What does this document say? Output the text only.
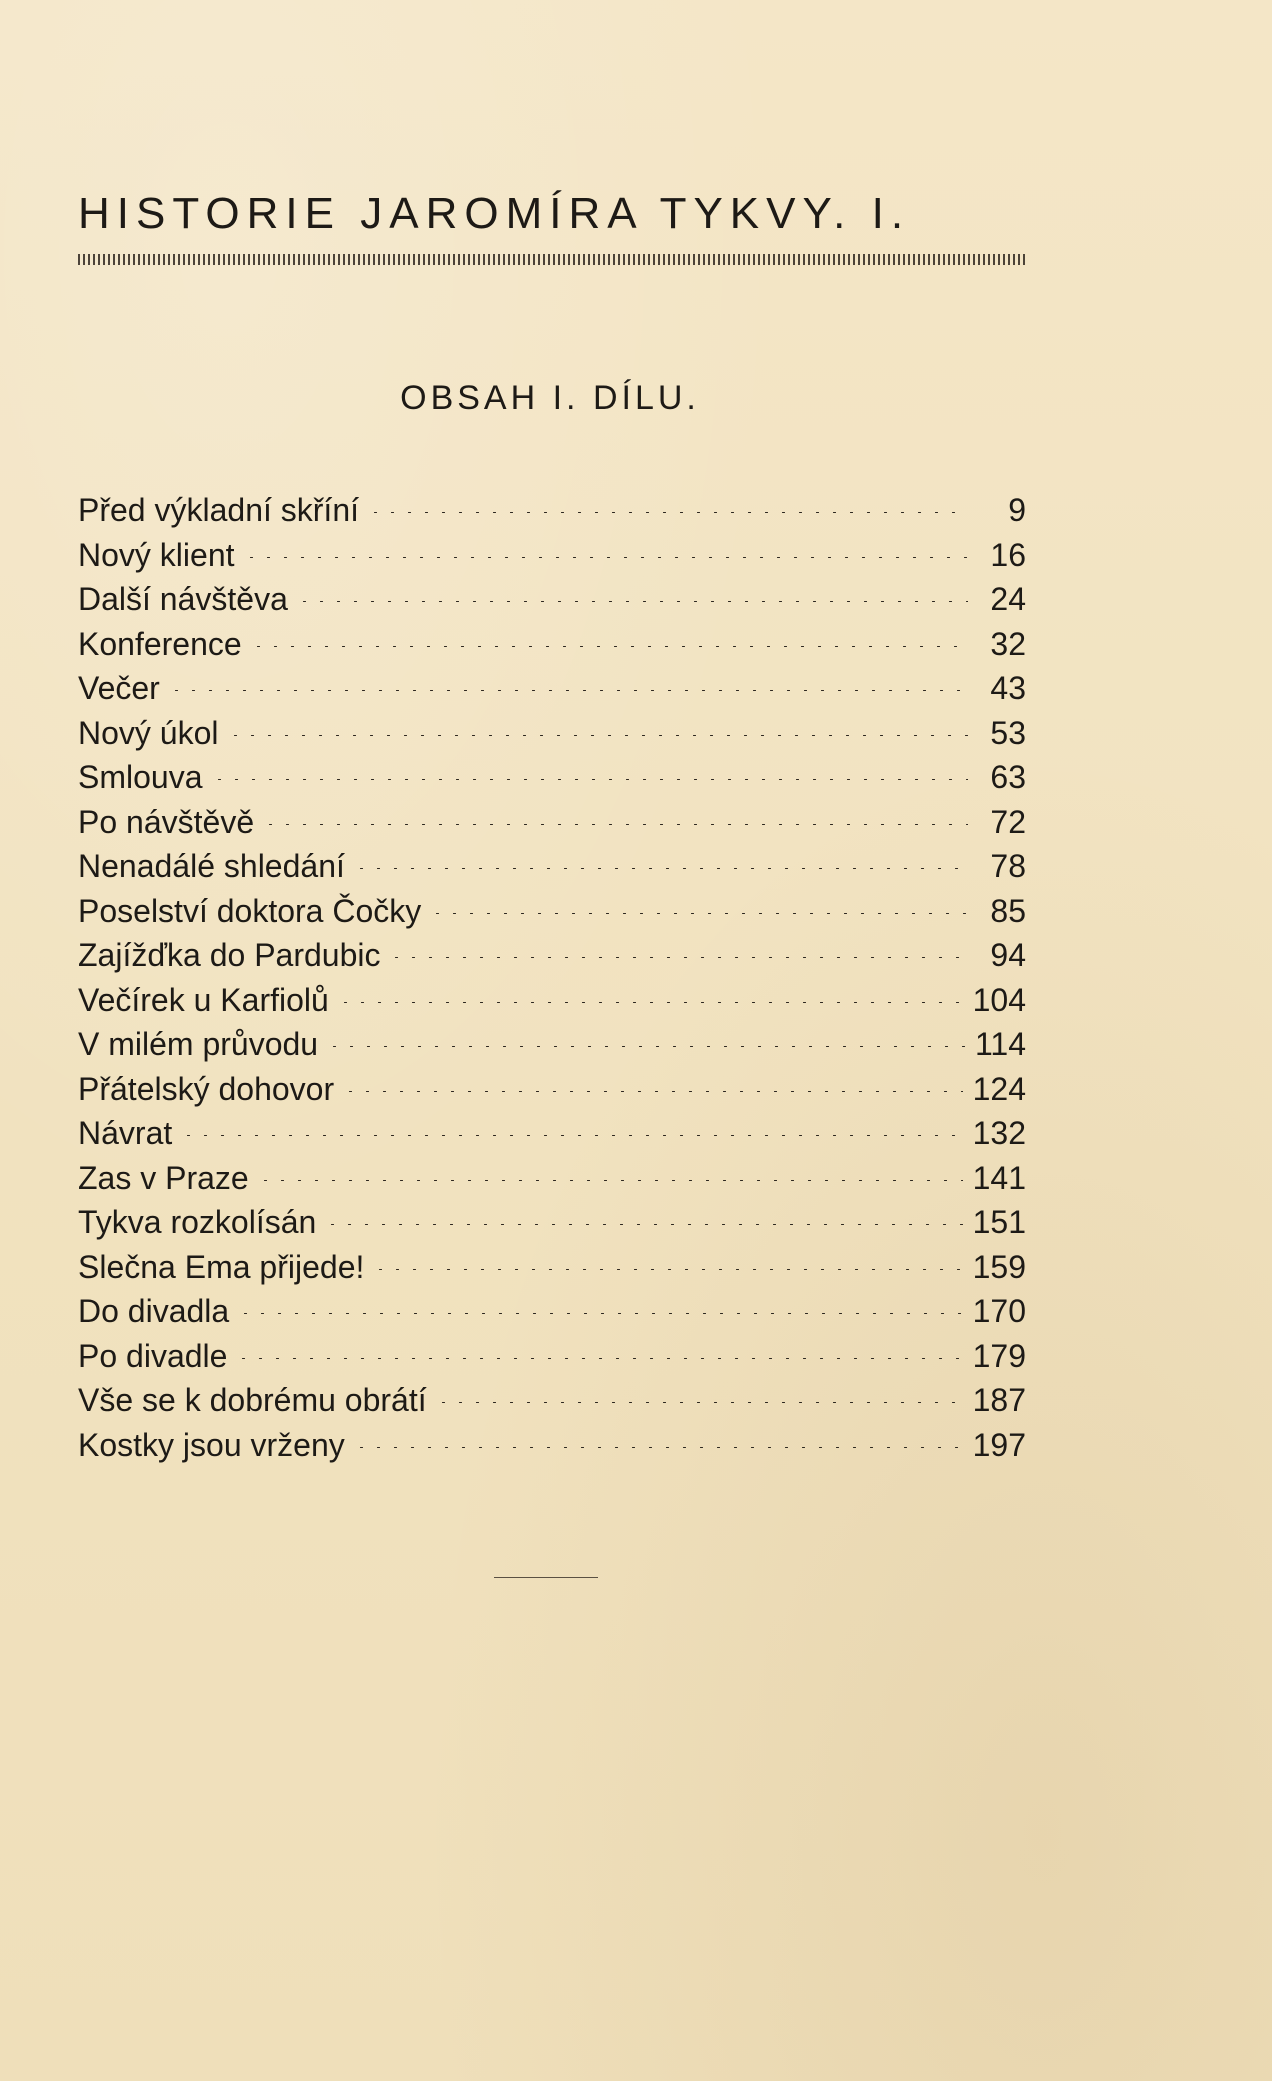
HISTORIE JAROMÍRA TYKVY. I.
OBSAH I. DÍLU.
Před výkladní skříní	9
Nový klient	16
Další návštěva	24
Konference	32
Večer	43
Nový úkol	53
Smlouva	63
Po návštěvě	72
Nenadálé shledání	78
Poselství doktora Čočky	85
Zajížďka do Pardubic	94
Večírek u Karfiolů	104
V milém průvodu	114
Přátelský dohovor	124
Návrat	132
Zas v Praze	141
Tykva rozkolísán	151
Slečna Ema přijede!	159
Do divadla	170
Po divadle	179
Vše se k dobrému obrátí	187
Kostky jsou vrženy	197
